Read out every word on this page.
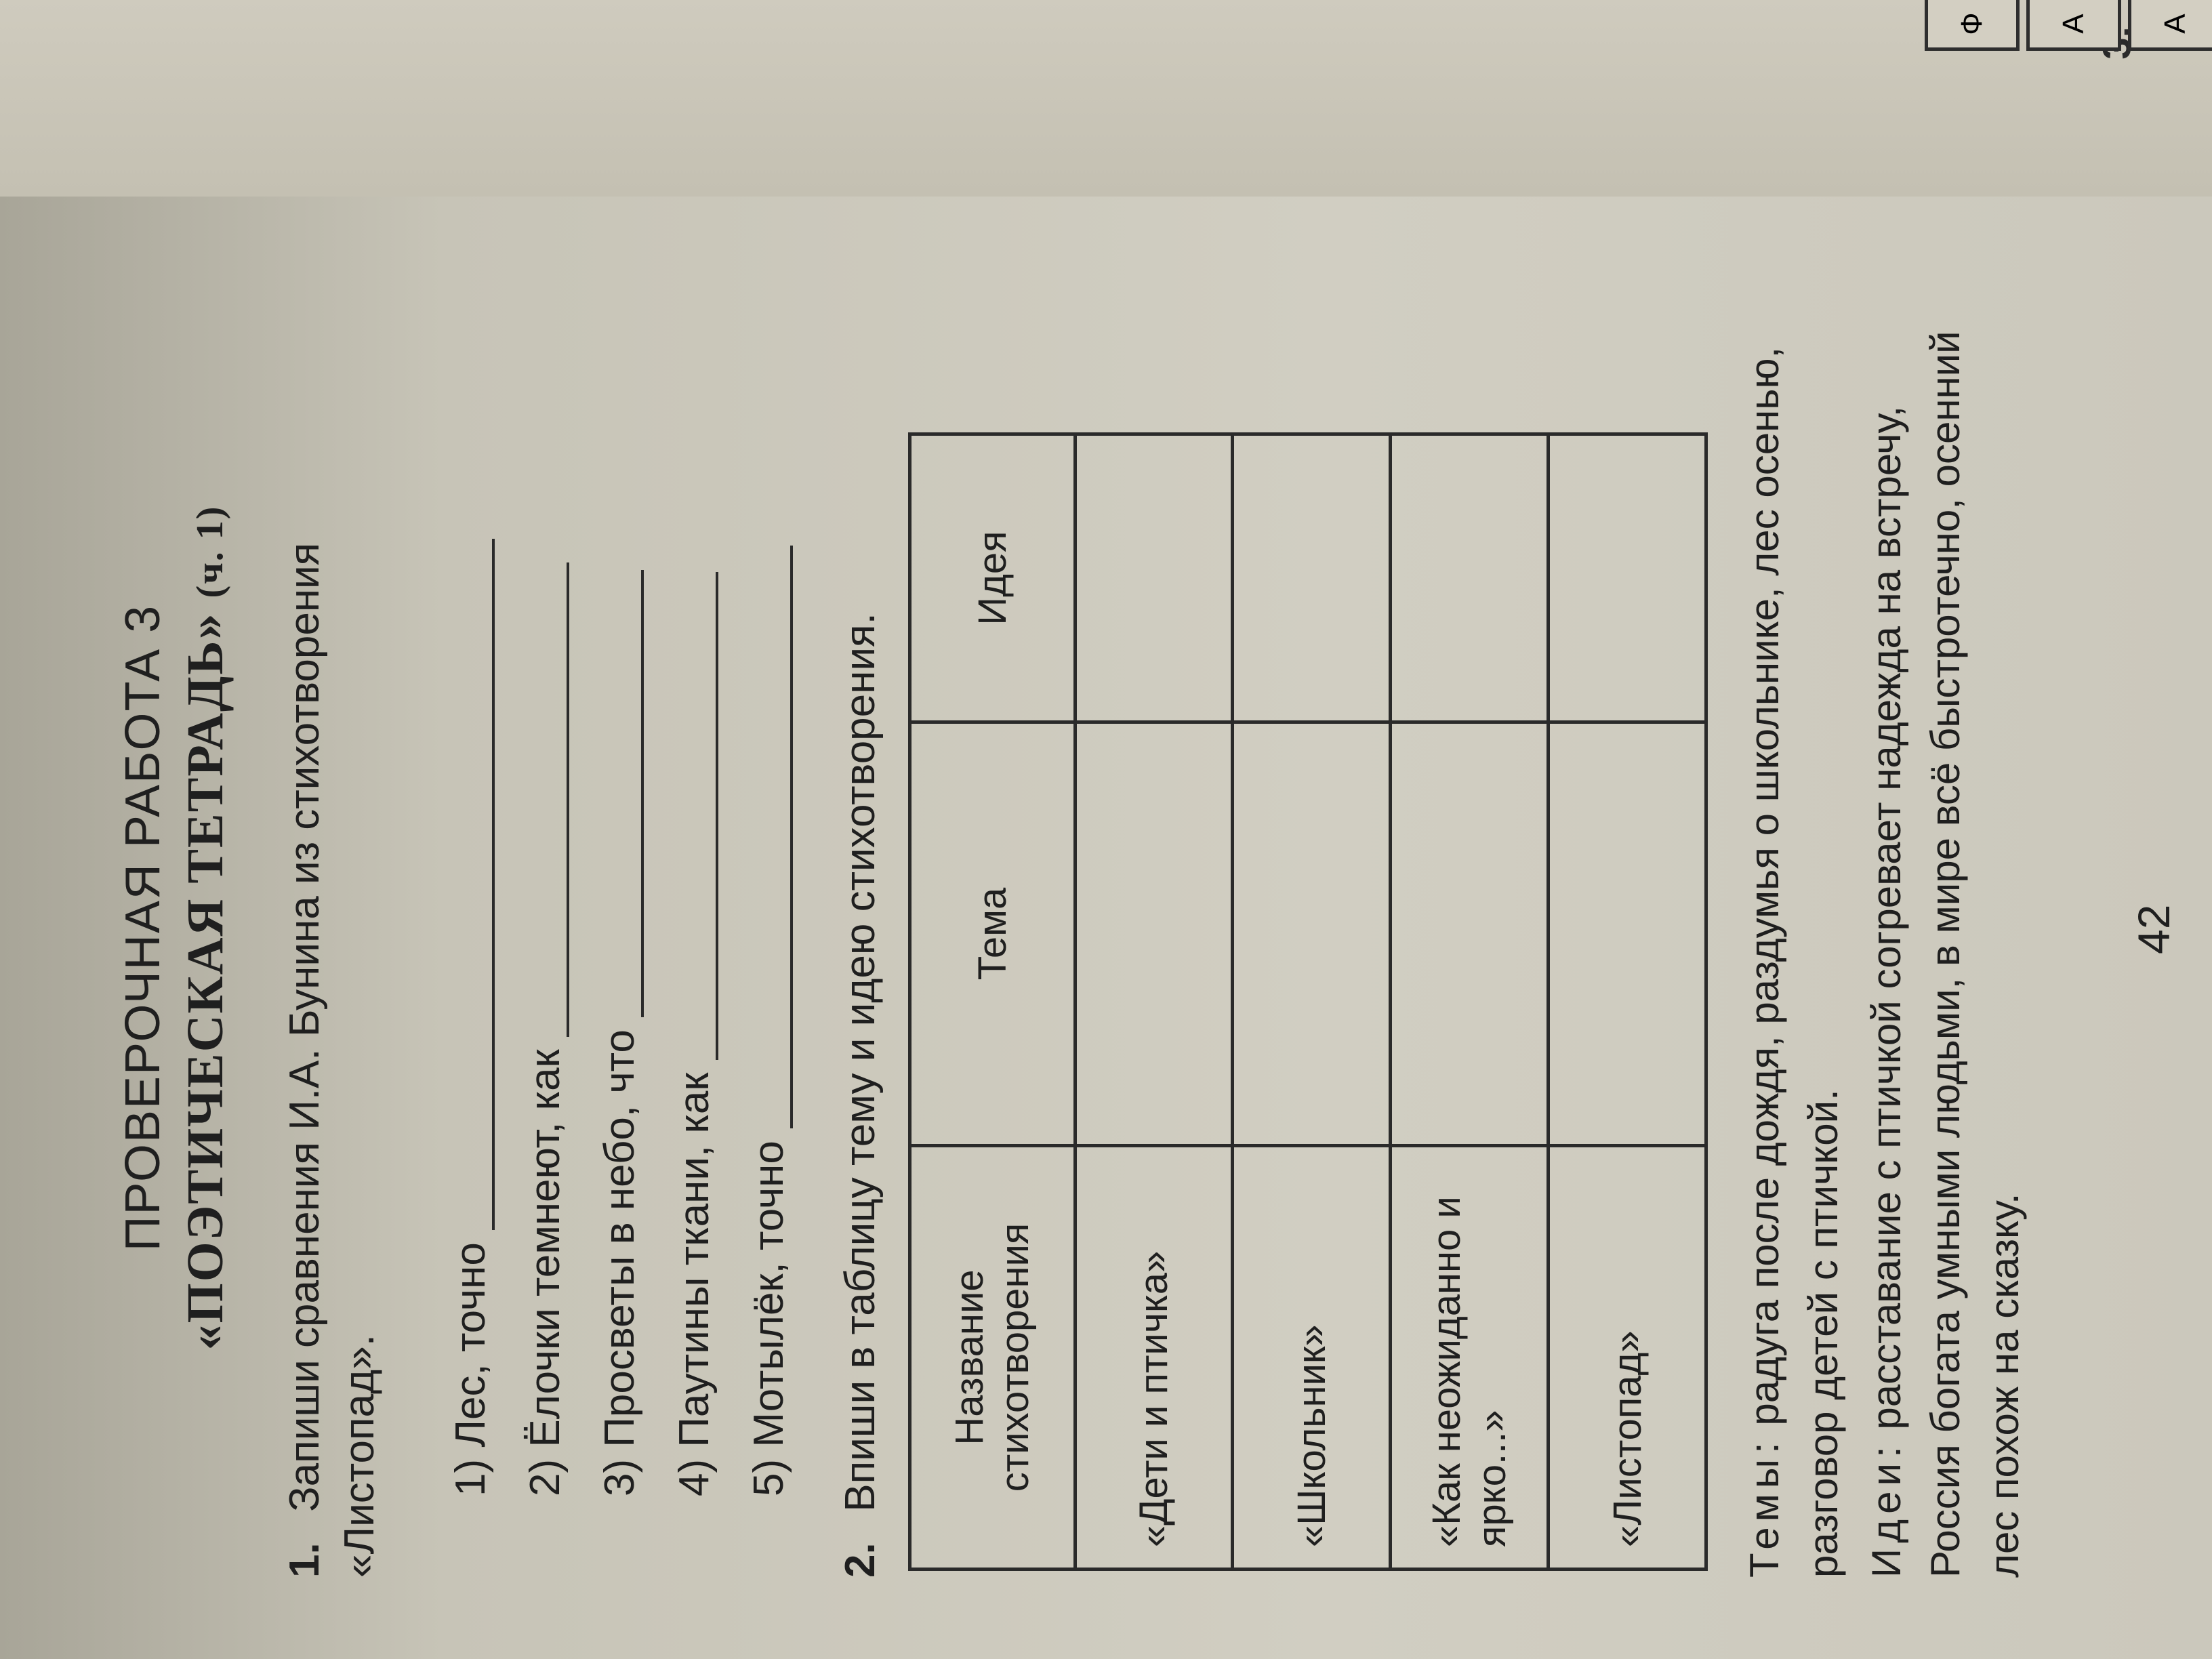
Ф А А
ПРОВЕРОЧНАЯ РАБОТА 3 «ПОЭТИЧЕСКАЯ ТЕТРАДЬ» (ч. 1)
1. Запиши сравнения И.А. Бунина из стихотворения «Листопад». 1) Лес, точно 2) Ёлочки темнеют, как 3) Просветы в небо, что 4) Паутины ткани, как 5) Мотылёк, точно
2. Впиши в таблицу тему и идею стихотворения. Название стихотворения	Тема	Идея
«Дети и птичка»		
«Школьник»		
«Как неожиданно и ярко...»		
«Листопад»		Темы: радуга после дождя, раздумья о школьнике, лес осенью, разговор детей с птичкой. Идеи: расставание с птичкой согревает надежда на встречу, Россия богата умными людьми, в мире всё быстротечно, осенний лес похож на сказку.
42
